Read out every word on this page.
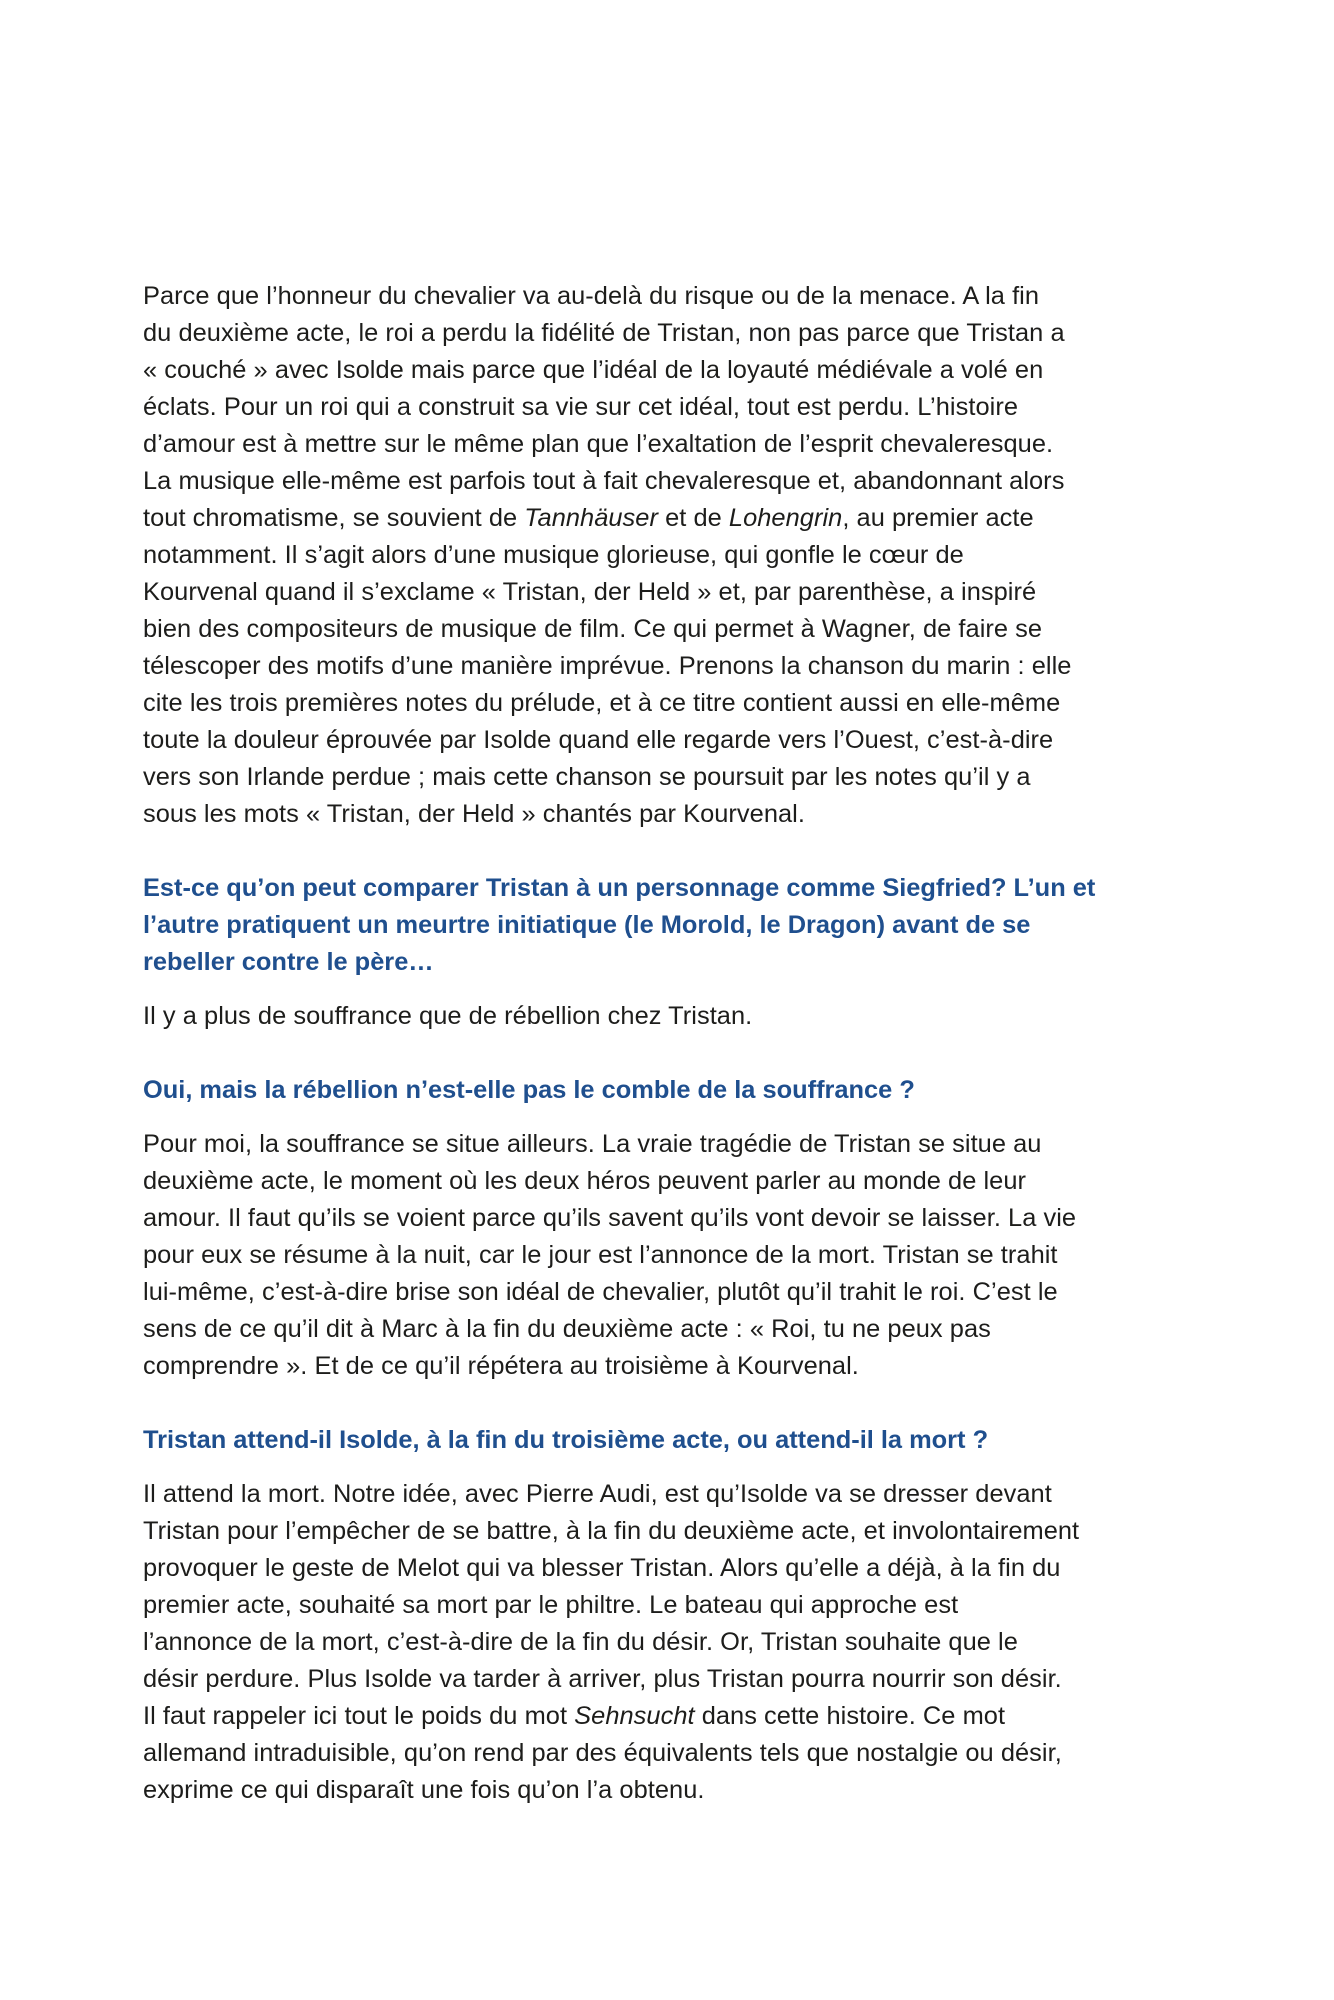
Parce que l’honneur du chevalier va au-delà du risque ou de la menace. A la fin
du deuxième acte, le roi a perdu la fidélité de Tristan, non pas parce que Tristan a
« couché » avec Isolde mais parce que l’idéal de la loyauté médiévale a volé en
éclats. Pour un roi qui a construit sa vie sur cet idéal, tout est perdu. L’histoire
d’amour est à mettre sur le même plan que l’exaltation de l’esprit chevaleresque.
La musique elle-même est parfois tout à fait chevaleresque et, abandonnant alors
tout chromatisme, se souvient de Tannhäuser et de Lohengrin, au premier acte
notamment. Il s’agit alors d’une musique glorieuse, qui gonfle le cœur de
Kourvenal quand il s’exclame « Tristan, der Held » et, par parenthèse, a inspiré
bien des compositeurs de musique de film. Ce qui permet à Wagner, de faire se
télescoper des motifs d’une manière imprévue. Prenons la chanson du marin : elle
cite les trois premières notes du prélude, et à ce titre contient aussi en elle-même
toute la douleur éprouvée par Isolde quand elle regarde vers l’Ouest, c’est-à-dire
vers son Irlande perdue ; mais cette chanson se poursuit par les notes qu’il y a
sous les mots « Tristan, der Held » chantés par Kourvenal.

Est-ce qu’on peut comparer Tristan à un personnage comme Siegfried? L’un et
l’autre pratiquent un meurtre initiatique (le Morold, le Dragon) avant de se
rebeller contre le père…

Il y a plus de souffrance que de rébellion chez Tristan.

Oui, mais la rébellion n’est-elle pas le comble de la souffrance ?

Pour moi, la souffrance se situe ailleurs. La vraie tragédie de Tristan se situe au
deuxième acte, le moment où les deux héros peuvent parler au monde de leur
amour. Il faut qu’ils se voient parce qu’ils savent qu’ils vont devoir se laisser. La vie
pour eux se résume à la nuit, car le jour est l’annonce de la mort. Tristan se trahit
lui-même, c’est-à-dire brise son idéal de chevalier, plutôt qu’il trahit le roi. C’est le
sens de ce qu’il dit à Marc à la fin du deuxième acte : « Roi, tu ne peux pas
comprendre ». Et de ce qu’il répétera au troisième à Kourvenal.

Tristan attend-il Isolde, à la fin du troisième acte, ou attend-il la mort ?

Il attend la mort. Notre idée, avec Pierre Audi, est qu’Isolde va se dresser devant
Tristan pour l’empêcher de se battre, à la fin du deuxième acte, et involontairement
provoquer le geste de Melot qui va blesser Tristan. Alors qu’elle a déjà, à la fin du
premier acte, souhaité sa mort par le philtre. Le bateau qui approche est
l’annonce de la mort, c’est-à-dire de la fin du désir. Or, Tristan souhaite que le
désir perdure. Plus Isolde va tarder à arriver, plus Tristan pourra nourrir son désir.
Il faut rappeler ici tout le poids du mot Sehnsucht dans cette histoire. Ce mot
allemand intraduisible, qu’on rend par des équivalents tels que nostalgie ou désir,
exprime ce qui disparaît une fois qu’on l’a obtenu.
